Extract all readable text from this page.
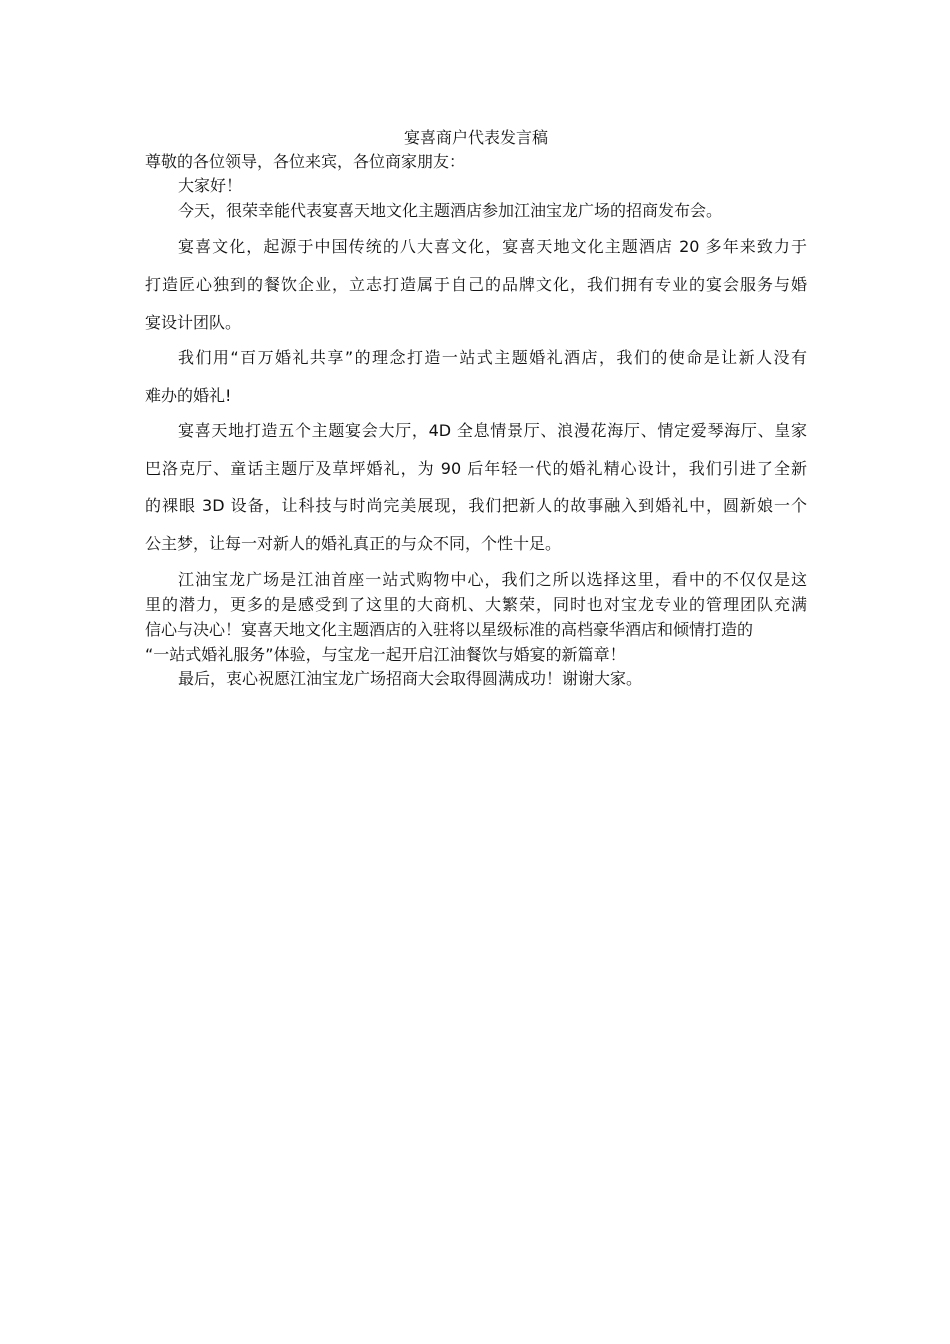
宴喜商户代表发言稿
尊敬的各位领导，各位来宾，各位商家朋友：
大家好！
今天，很荣幸能代表宴喜天地文化主题酒店参加江油宝龙广场的招商发布会。
宴喜文化，起源于中国传统的八大喜文化，宴喜天地文化主题酒店 20 多年来致力于
打造匠心独到的餐饮企业，立志打造属于自己的品牌文化，我们拥有专业的宴会服务与婚
宴设计团队。
我们用“百万婚礼共享”的理念打造一站式主题婚礼酒店，我们的使命是让新人没有
难办的婚礼!
宴喜天地打造五个主题宴会大厅，4D 全息情景厅、浪漫花海厅、情定爱琴海厅、皇家
巴洛克厅、童话主题厅及草坪婚礼，为 90 后年轻一代的婚礼精心设计，我们引进了全新
的裸眼 3D 设备，让科技与时尚完美展现，我们把新人的故事融入到婚礼中，圆新娘一个
公主梦，让每一对新人的婚礼真正的与众不同，个性十足。
江油宝龙广场是江油首座一站式购物中心，我们之所以选择这里，看中的不仅仅是这
里的潜力，更多的是感受到了这里的大商机、大繁荣，同时也对宝龙专业的管理团队充满
信心与决心！宴喜天地文化主题酒店的入驻将以星级标准的高档豪华酒店和倾情打造的
“一站式婚礼服务”体验，与宝龙一起开启江油餐饮与婚宴的新篇章！
最后，衷心祝愿江油宝龙广场招商大会取得圆满成功！谢谢大家。
